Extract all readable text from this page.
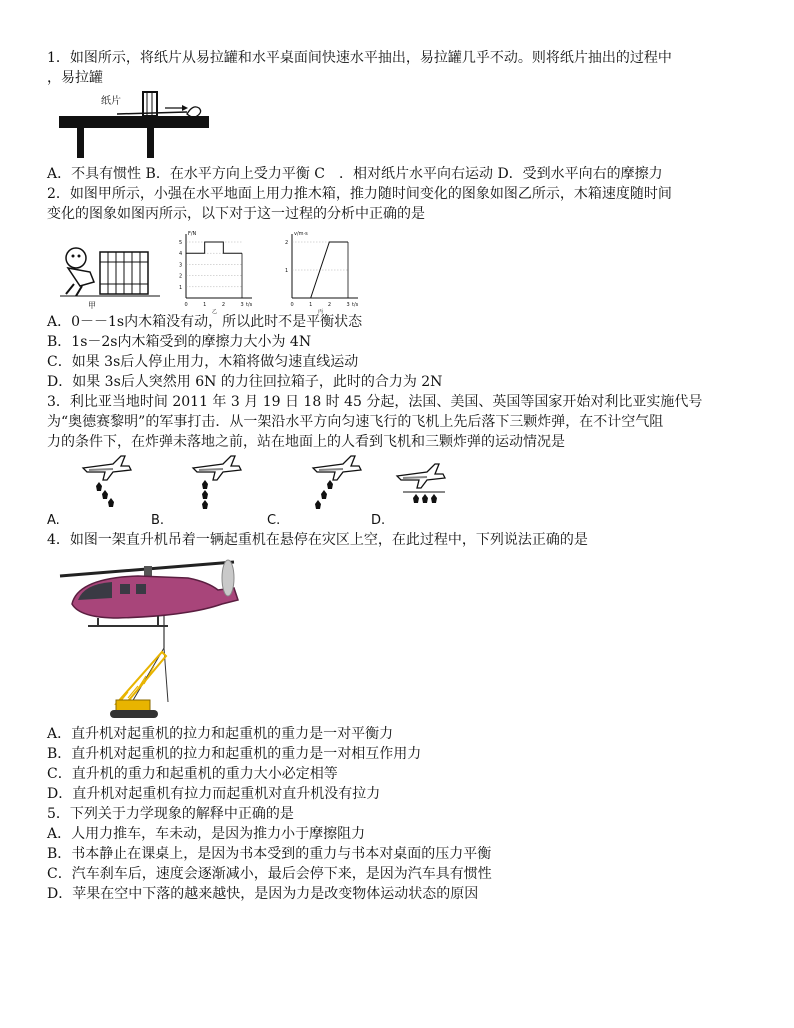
1．如图所示，将纸片从易拉罐和水平桌面间快速水平抽出，易拉罐几乎不动。则将纸片抽出的过程中
，易拉罐
纸片
A．不具有惯性 B．在水平方向上受力平衡 C　．相对纸片水平向右运动 D．受到水平向右的摩擦力
2．如图甲所示，小强在水平地面上用力推木箱，推力随时间变化的图象如图乙所示，木箱速度随时间
变化的图象如图丙所示，以下对于这一过程的分析中正确的是
甲
1
2
3
4
5
0	1	2	3
F/N
t/s
乙
1
2
0	1	2	3
v/m·s
t/s
丙
A．0－－1s内木箱没有动，所以此时不是平衡状态
B．1s－2s内木箱受到的摩擦力大小为 4N
C．如果 3s后人停止用力，木箱将做匀速直线运动
D．如果 3s后人突然用 6N 的力往回拉箱子，此时的合力为 2N
3．利比亚当地时间 2011 年 3 月 19 日 18 时 45 分起，法国、美国、英国等国家开始对利比亚实施代号
为“奥德赛黎明”的军事打击．从一架沿水平方向匀速飞行的飞机上先后落下三颗炸弹，在不计空气阻
力的条件下，在炸弹未落地之前，站在地面上的人看到飞机和三颗炸弹的运动情况是
A.	B.	C.	D.
4．如图一架直升机吊着一辆起重机在悬停在灾区上空，在此过程中，下列说法正确的是
A．直升机对起重机的拉力和起重机的重力是一对平衡力
B．直升机对起重机的拉力和起重机的重力是一对相互作用力
C．直升机的重力和起重机的重力大小必定相等
D．直升机对起重机有拉力而起重机对直升机没有拉力
5．下列关于力学现象的解释中正确的是
A．人用力推车，车未动，是因为推力小于摩擦阻力
B．书本静止在课桌上，是因为书本受到的重力与书本对桌面的压力平衡
C．汽车刹车后，速度会逐渐减小，最后会停下来，是因为汽车具有惯性
D．苹果在空中下落的越来越快，是因为力是改变物体运动状态的原因
